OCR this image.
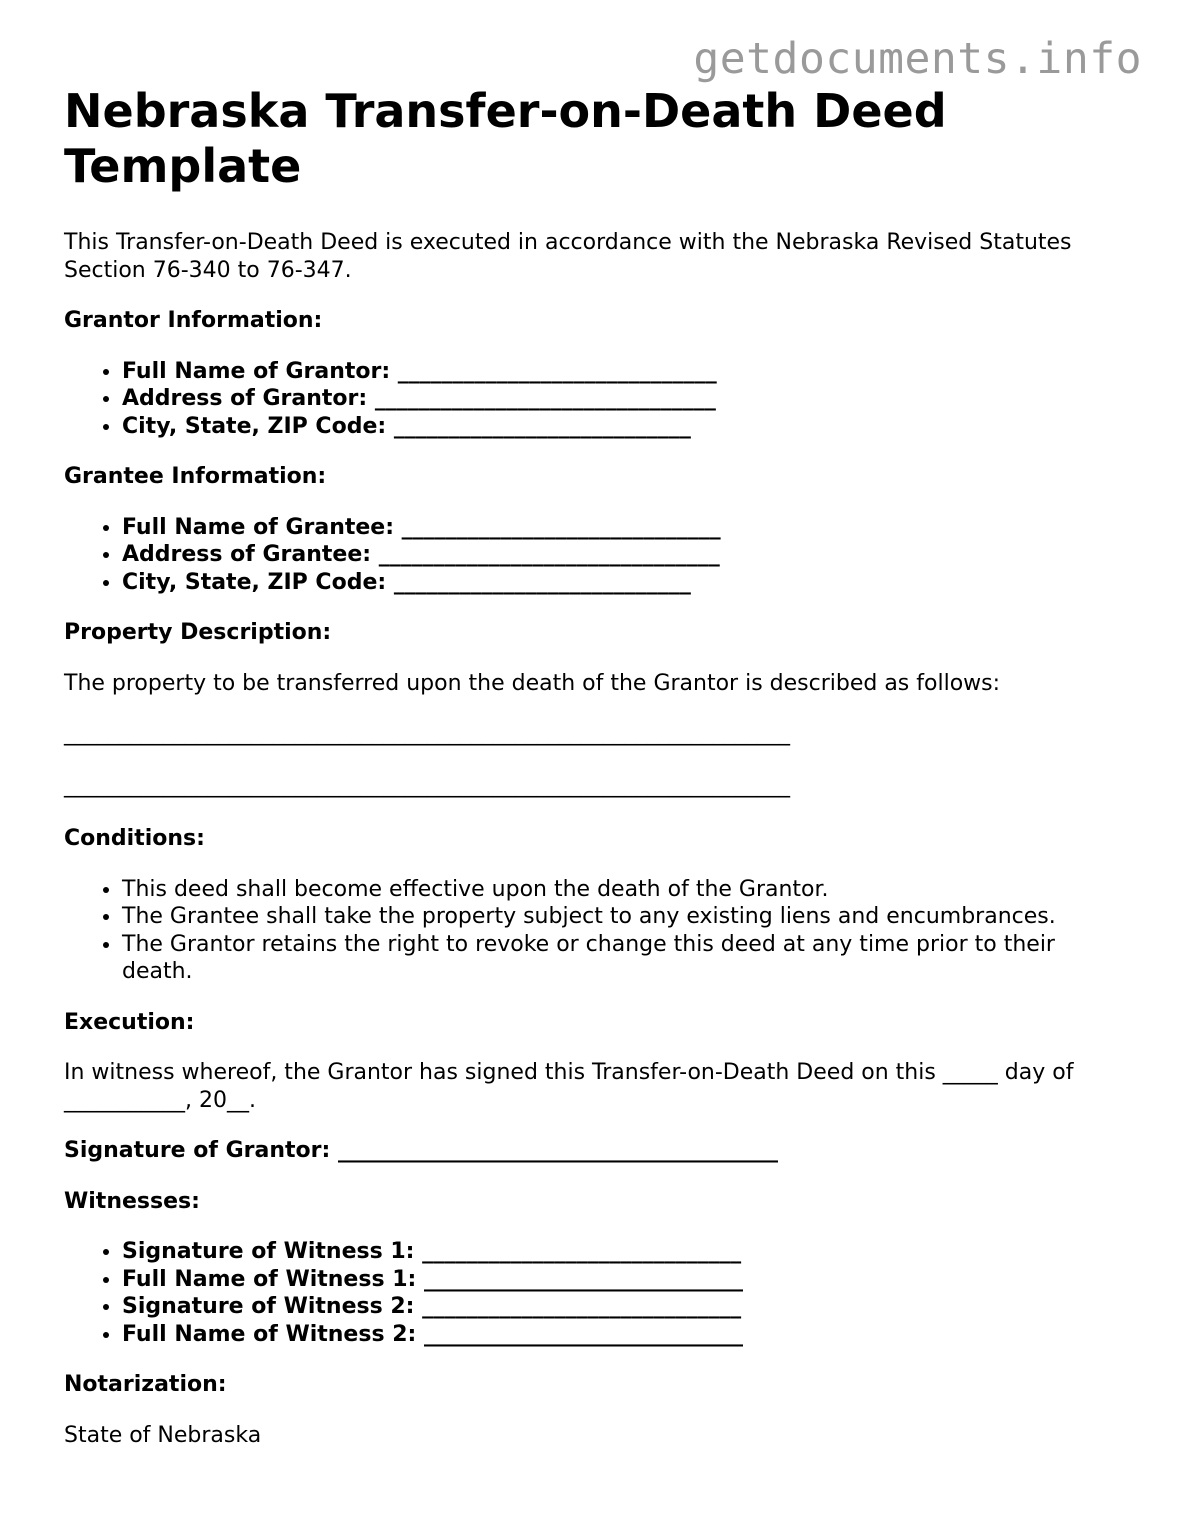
getdocuments.info
Nebraska Transfer-on-Death Deed Template

This Transfer-on-Death Deed is executed in accordance with the Nebraska Revised Statutes Section 76-340 to 76-347.

Grantor Information:

• Full Name of Grantor: _____________________________
• Address of Grantor: _______________________________
• City, State, ZIP Code: ___________________________

Grantee Information:

• Full Name of Grantee: _____________________________
• Address of Grantee: _______________________________
• City, State, ZIP Code: ___________________________

Property Description:

The property to be transferred upon the death of the Grantor is described as follows:

__________________________________________________________________
__________________________________________________________________

Conditions:

• This deed shall become effective upon the death of the Grantor.
• The Grantee shall take the property subject to any existing liens and encumbrances.
• The Grantor retains the right to revoke or change this deed at any time prior to their death.

Execution:

In witness whereof, the Grantor has signed this Transfer-on-Death Deed on this _____ day of ___________, 20__.

Signature of Grantor: ________________________________________

Witnesses:

• Signature of Witness 1: _____________________________
• Full Name of Witness 1: _____________________________
• Signature of Witness 2: _____________________________
• Full Name of Witness 2: _____________________________

Notarization:

State of Nebraska
